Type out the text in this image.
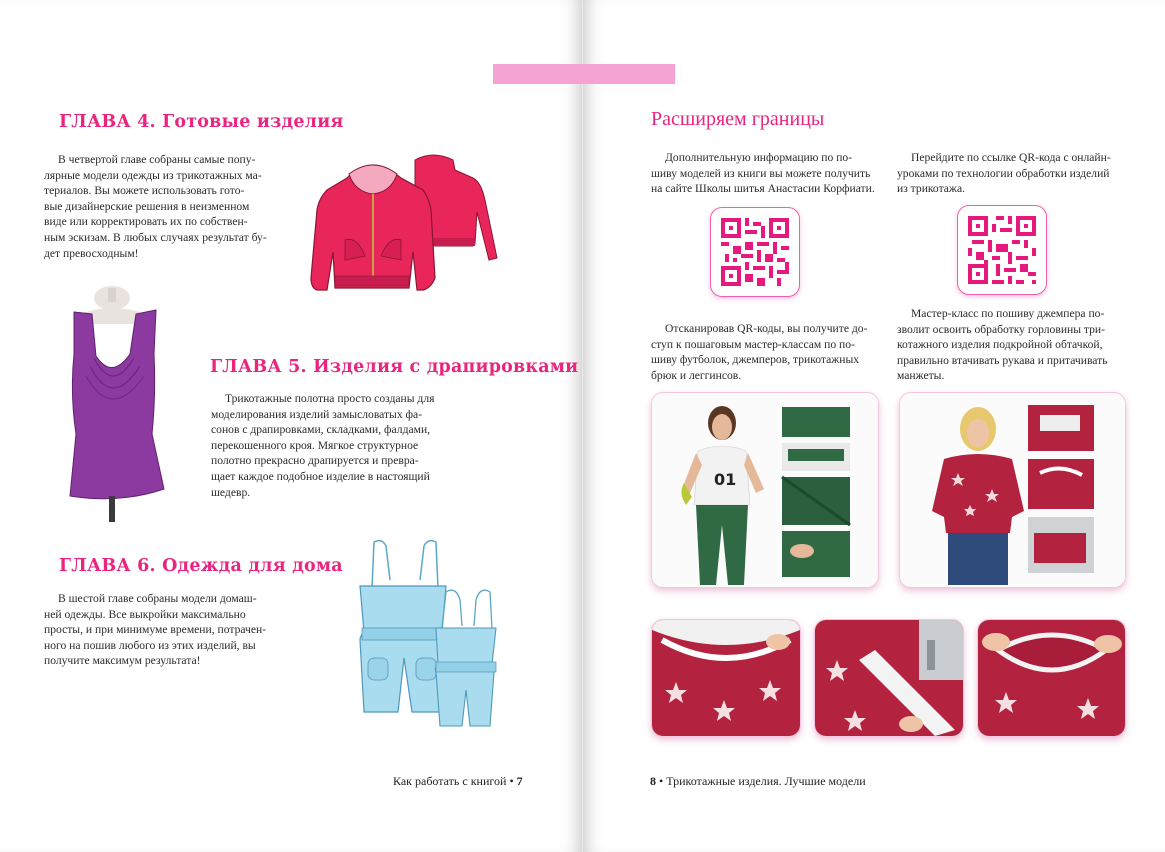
ГЛАВА 4. Готовые изделия
В четвертой главе собраны самые попу-
лярные модели одежды из трикотажных ма-
териалов. Вы можете использовать гото-
вые дизайнерские решения в неизменном
виде или корректировать их по собствен-
ным эскизам. В любых случаях результат бу-
дет превосходным!
ГЛАВА 5. Изделия с драпировками
Трикотажные полотна просто созданы для
моделирования изделий замысловатых фа-
сонов с драпировками, складками, фалдами,
перекошенного кроя. Мягкое структурное
полотно прекрасно драпируется и превра-
щает каждое подобное изделие в настоящий
шедевр.
ГЛАВА 6. Одежда для дома
В шестой главе собраны модели домаш-
ней одежды. Все выкройки максимально
просты, и при минимуме времени, потрачен-
ного на пошив любого из этих изделий, вы
получите максимум результата!
Как работать с книгой • 7
Расширяем границы
Дополнительную информацию по по-
шиву моделей из книги вы можете получить
на сайте Школы шитья Анастасии Корфиати.
Перейдите по ссылке QR-кода с онлайн-
уроками по технологии обработки изделий
из трикотажа.
Отсканировав QR-коды, вы получите до-
ступ к пошаговым мастер-классам по по-
шиву футболок, джемперов, трикотажных
брюк и леггинсов.
Мастер-класс по пошиву джемпера по-
зволит освоить обработку горловины три-
котажного изделия подкройной обтачкой,
правильно втачивать рукава и притачивать
манжеты.
01
8 • Трикотажные изделия. Лучшие модели
